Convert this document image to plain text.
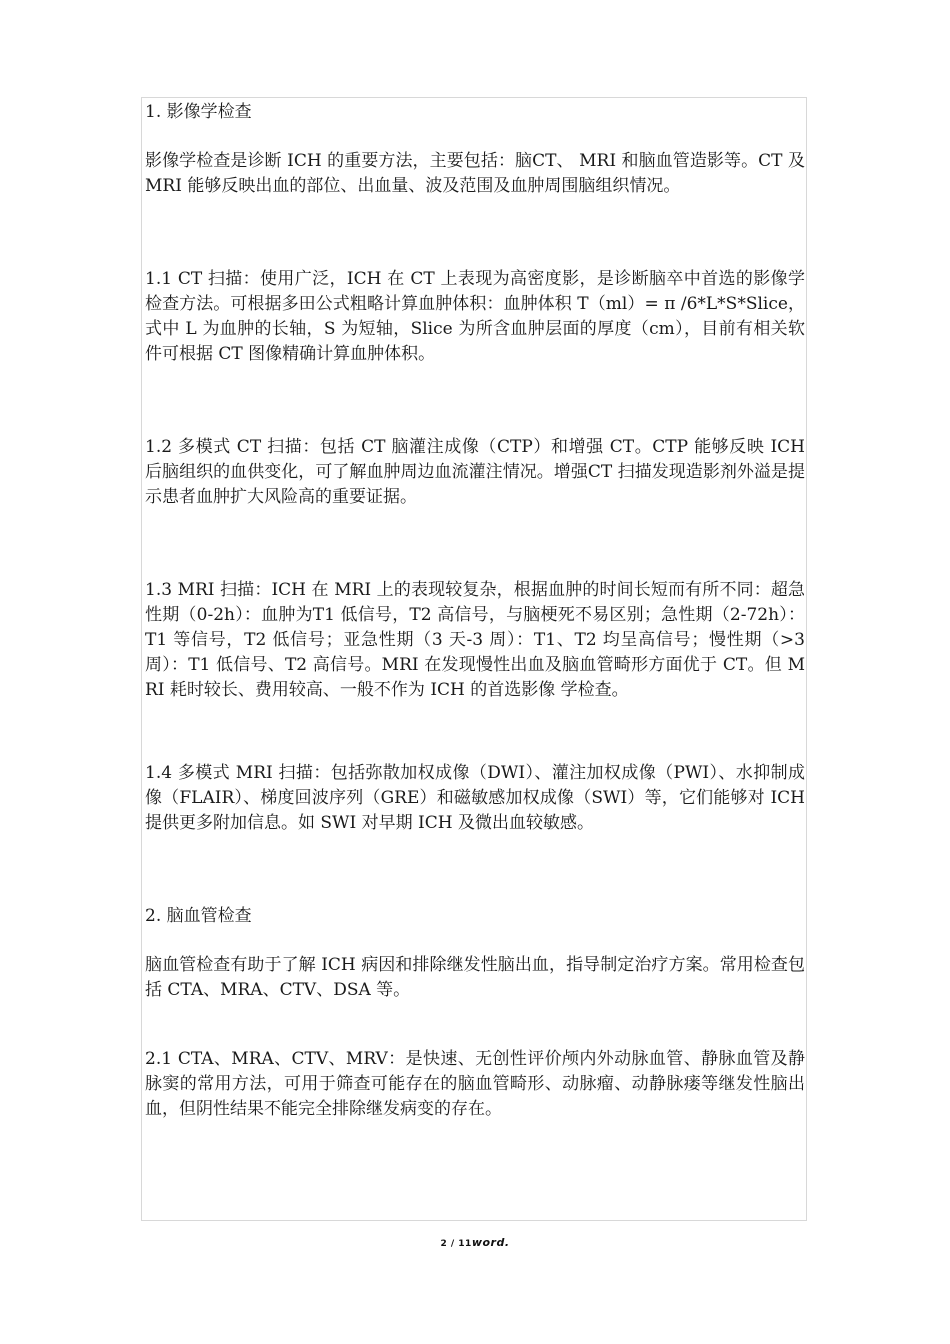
1. 影像学检查

影像学检查是诊断 ICH 的重要方法，主要包括：脑CT、 MRI 和脑血管造影等。CT 及 MRI 能够反映出血的部位、出血量、波及范围及血肿周围脑组织情况。

1.1 CT 扫描：使用广泛，ICH 在 CT 上表现为高密度影，是诊断脑卒中首选的影像学检查方法。可根据多田公式粗略计算血肿体积：血肿体积 T（ml）= π /6*L*S*Slice，式中 L 为血肿的长轴，S 为短轴，Slice 为所含血肿层面的厚度（cm），目前有相关软件可根据 CT 图像精确计算血肿体积。

1.2 多模式 CT 扫描：包括 CT 脑灌注成像（CTP）和增强 CT。CTP 能够反映 ICH 后脑组织的血供变化，可了解血肿周边血流灌注情况。增强CT 扫描发现造影剂外溢是提示患者血肿扩大风险高的重要证据。

1.3 MRI 扫描：ICH 在 MRI 上的表现较复杂，根据血肿的时间长短而有所不同：超急性期（0-2h）：血肿为T1 低信号，T2 高信号，与脑梗死不易区别；急性期（2-72h）：T1 等信号，T2 低信号；亚急性期（3 天-3 周）：T1、T2 均呈高信号；慢性期（>3 周）：T1 低信号、T2 高信号。MRI 在发现慢性出血及脑血管畸形方面优于 CT。但 MRI 耗时较长、费用较高、一般不作为 ICH 的首选影像 学检查。

1.4 多模式 MRI 扫描：包括弥散加权成像（DWI）、灌注加权成像（PWI）、水抑制成像（FLAIR）、梯度回波序列（GRE）和磁敏感加权成像（SWI）等，它们能够对 ICH 提供更多附加信息。如 SWI 对早期 ICH 及微出血较敏感。

2. 脑血管检查

脑血管检查有助于了解 ICH 病因和排除继发性脑出血，指导制定治疗方案。常用检查包括 CTA、MRA、CTV、DSA 等。

2.1 CTA、MRA、CTV、MRV：是快速、无创性评价颅内外动脉血管、静脉血管及静脉窦的常用方法，可用于筛查可能存在的脑血管畸形、动脉瘤、动静脉瘘等继发性脑出血，但阴性结果不能完全排除继发病变的存在。

2 / 11word.
